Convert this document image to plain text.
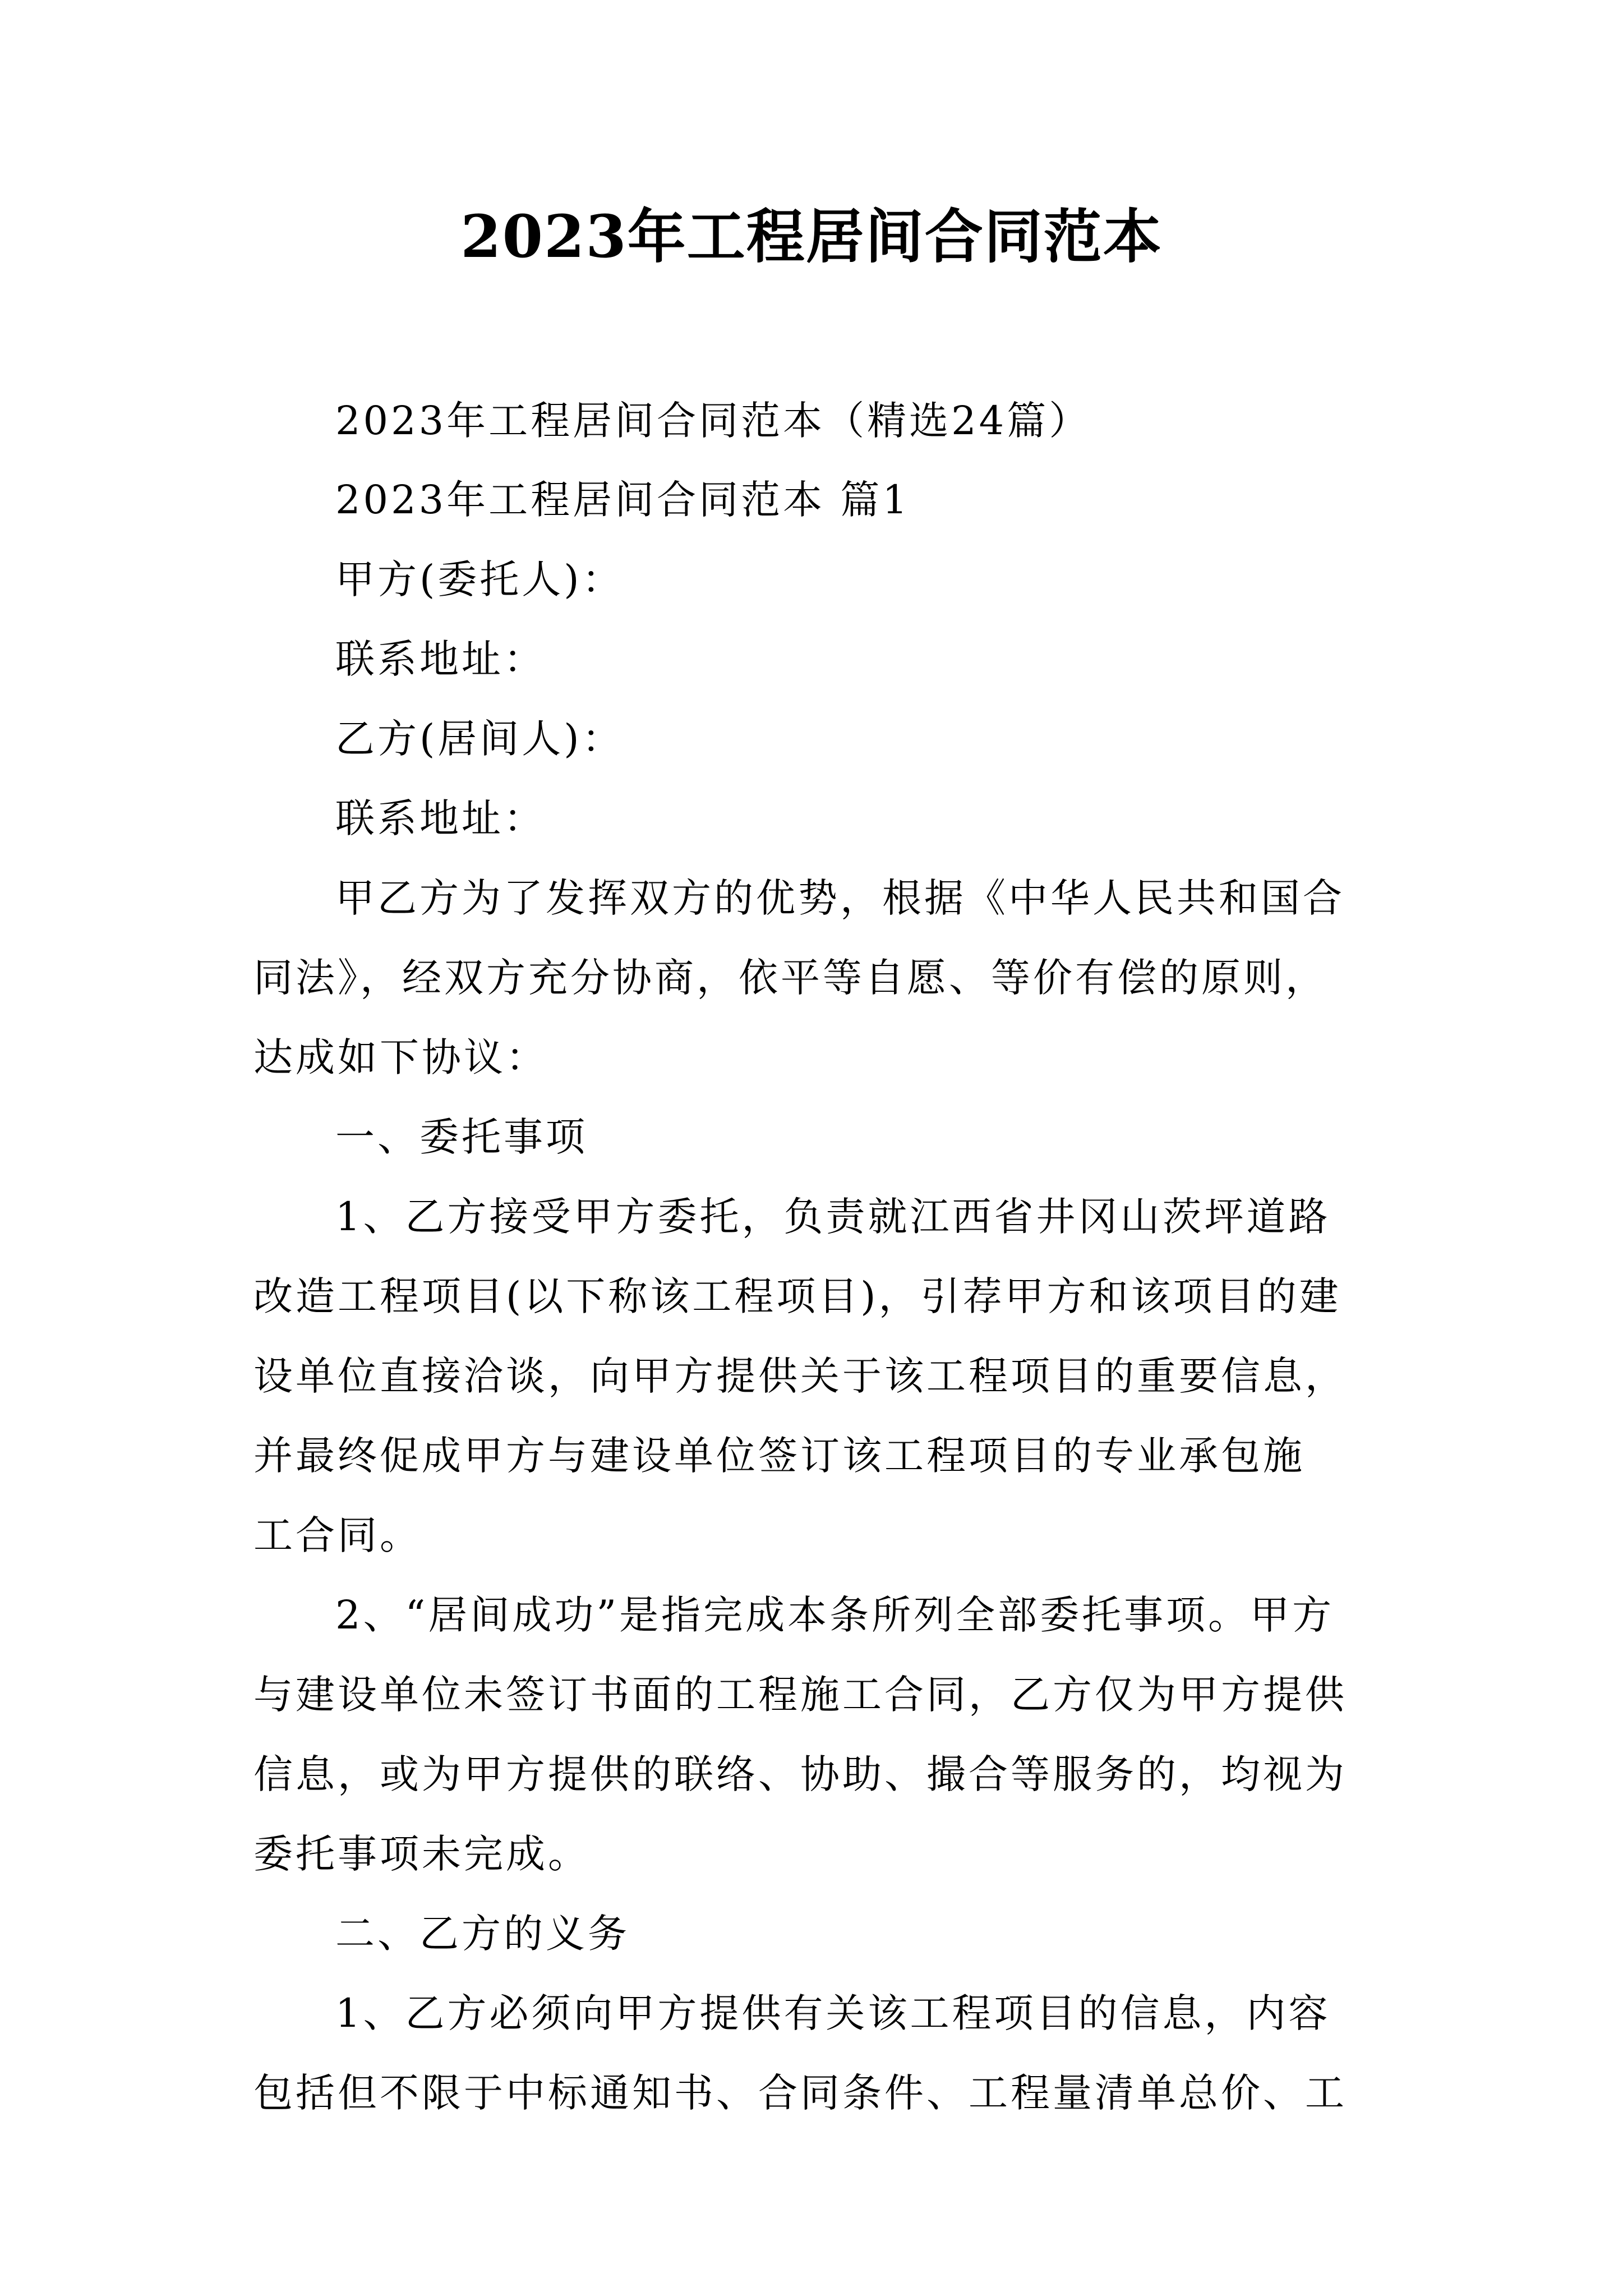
2023年工程居间合同范本
2023年工程居间合同范本（精选24篇）
2023年工程居间合同范本 篇1
甲方(委托人)：
联系地址：
乙方(居间人)：
联系地址：
甲乙方为了发挥双方的优势，根据《中华人民共和国合
同法》，经双方充分协商，依平等自愿、等价有偿的原则，
达成如下协议：
一、委托事项
1、乙方接受甲方委托，负责就江西省井冈山茨坪道路
改造工程项目(以下称该工程项目)，引荐甲方和该项目的建
设单位直接洽谈，向甲方提供关于该工程项目的重要信息，
并最终促成甲方与建设单位签订该工程项目的专业承包施
工合同。
2、“居间成功”是指完成本条所列全部委托事项。甲方
与建设单位未签订书面的工程施工合同，乙方仅为甲方提供
信息，或为甲方提供的联络、协助、撮合等服务的，均视为
委托事项未完成。
二、乙方的义务
1、乙方必须向甲方提供有关该工程项目的信息，内容
包括但不限于中标通知书、合同条件、工程量清单总价、工
